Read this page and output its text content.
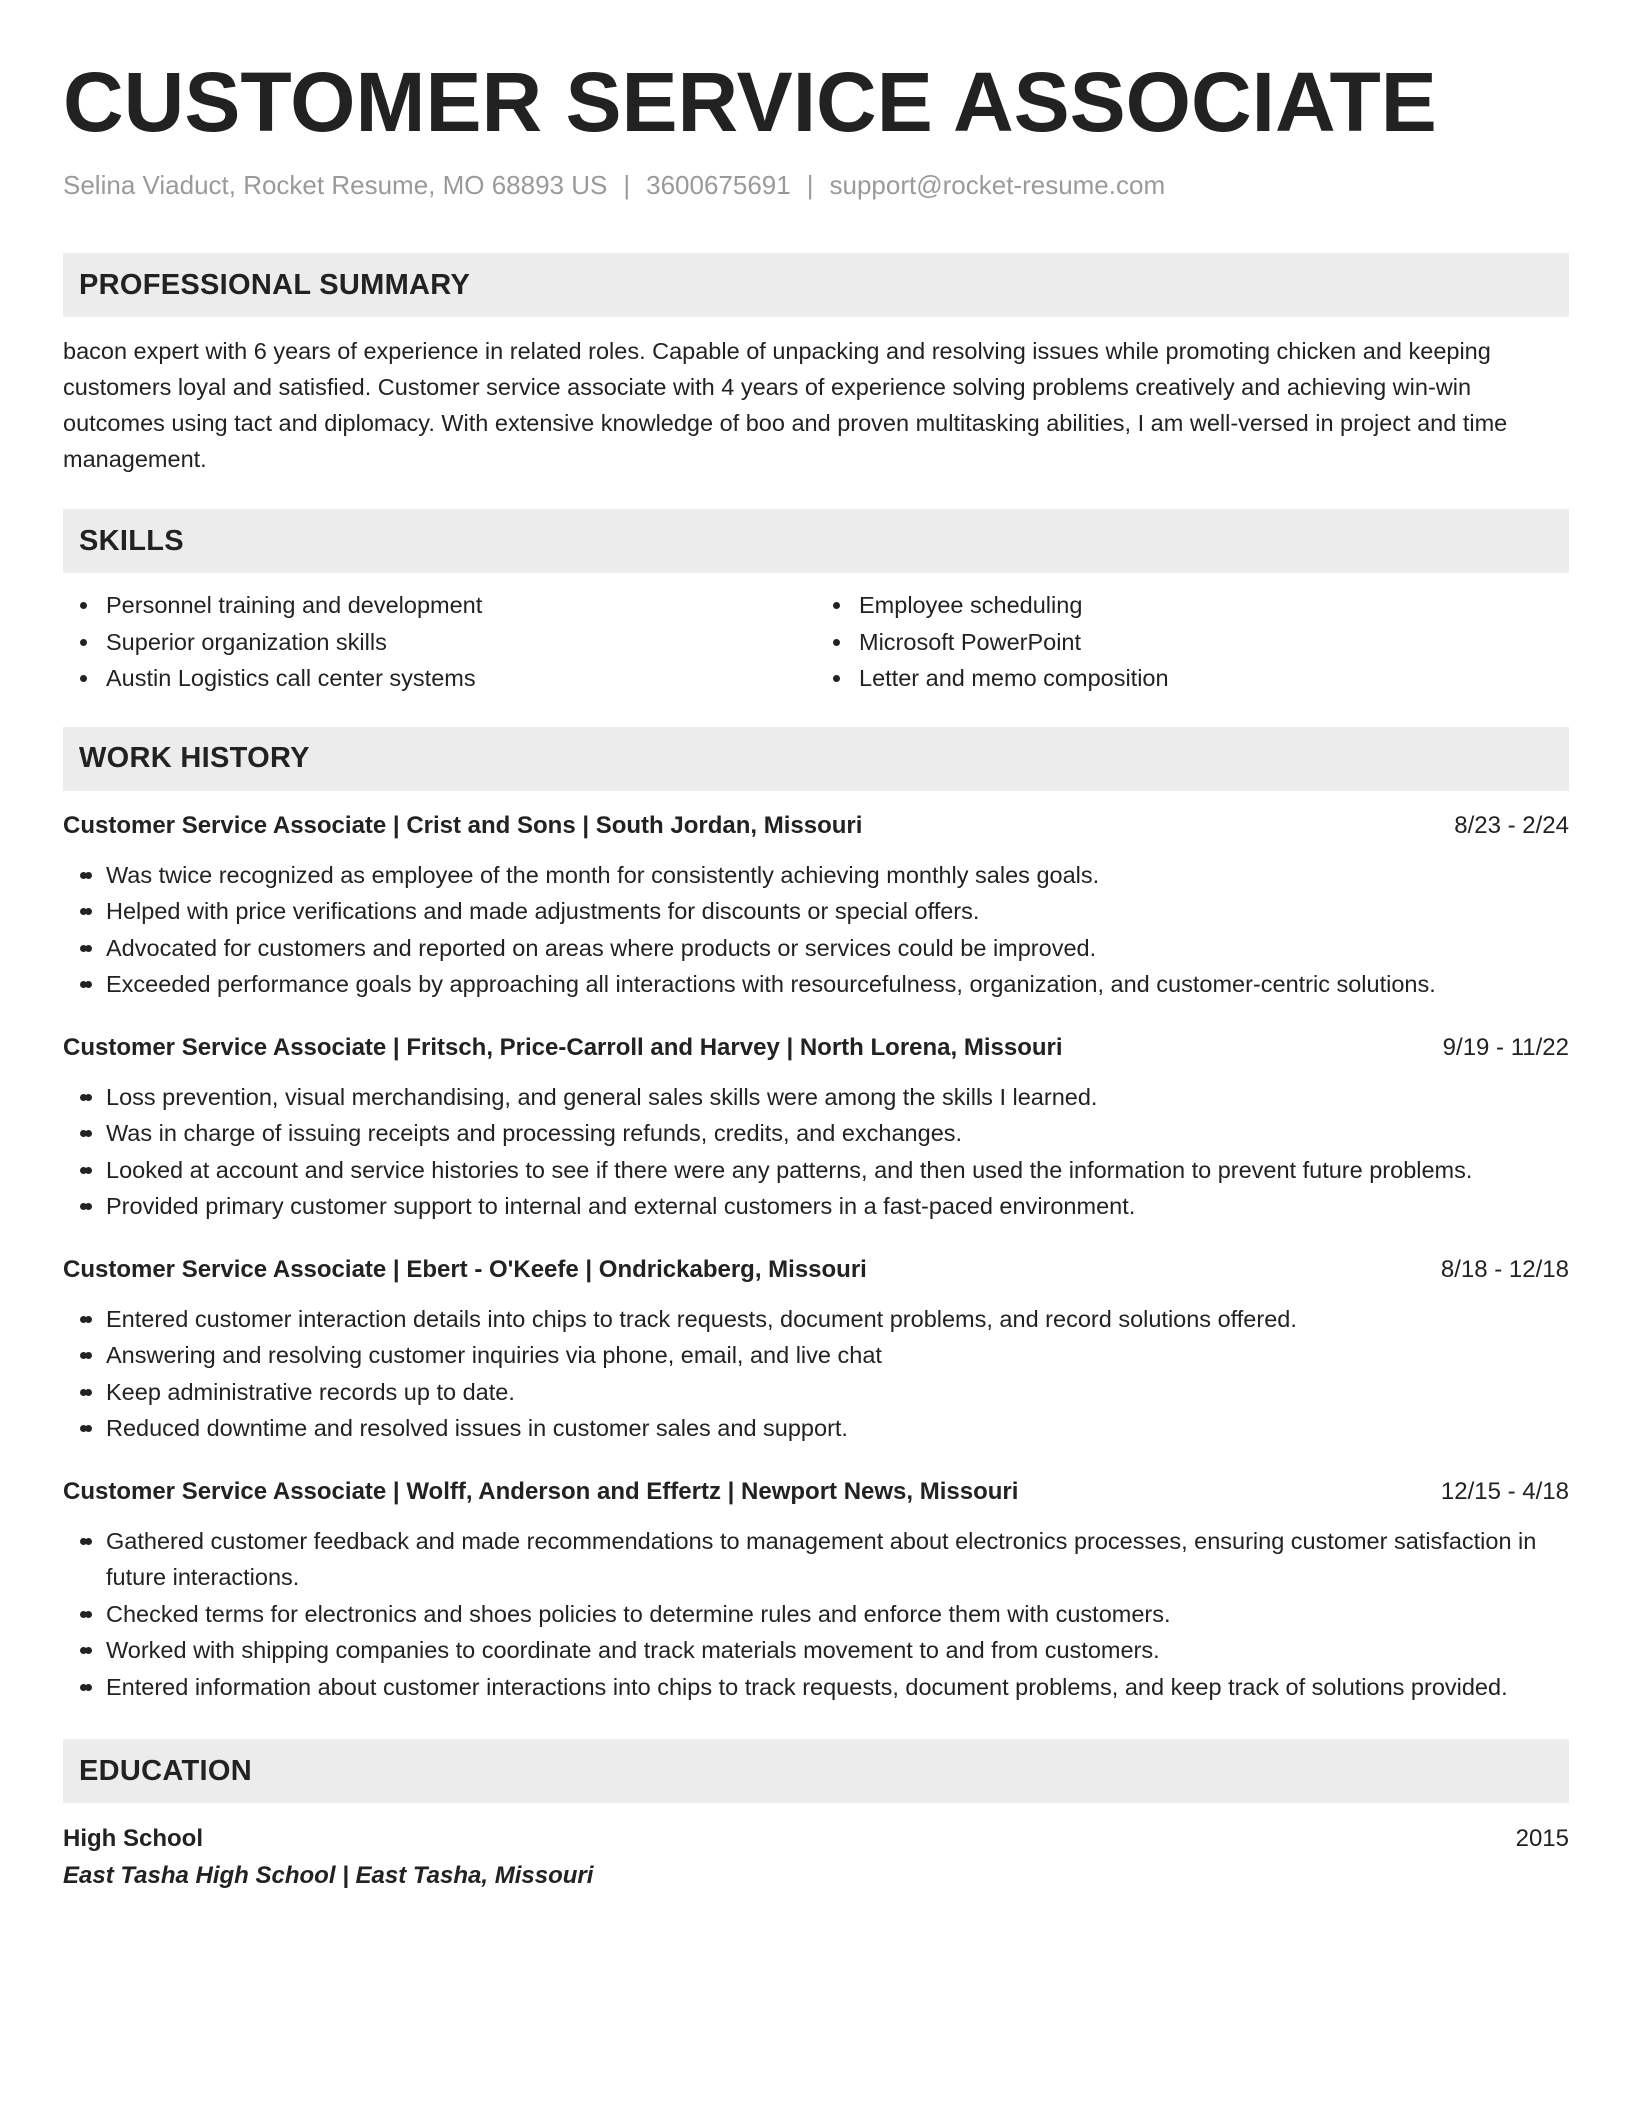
CUSTOMER SERVICE ASSOCIATE
Selina Viaduct, Rocket Resume, MO 68893 US | 3600675691 | support@rocket-resume.com
PROFESSIONAL SUMMARY
bacon expert with 6 years of experience in related roles. Capable of unpacking and resolving issues while promoting chicken and keeping customers loyal and satisfied. Customer service associate with 4 years of experience solving problems creatively and achieving win-win outcomes using tact and diplomacy. With extensive knowledge of boo and proven multitasking abilities, I am well-versed in project and time management.
SKILLS
Personnel training and development
Superior organization skills
Austin Logistics call center systems
Employee scheduling
Microsoft PowerPoint
Letter and memo composition
WORK HISTORY
Customer Service Associate | Crist and Sons | South Jordan, Missouri	8/23 - 2/24
• Was twice recognized as employee of the month for consistently achieving monthly sales goals.
• Helped with price verifications and made adjustments for discounts or special offers.
• Advocated for customers and reported on areas where products or services could be improved.
• Exceeded performance goals by approaching all interactions with resourcefulness, organization, and customer-centric solutions.
Customer Service Associate | Fritsch, Price-Carroll and Harvey | North Lorena, Missouri	9/19 - 11/22
• Loss prevention, visual merchandising, and general sales skills were among the skills I learned.
• Was in charge of issuing receipts and processing refunds, credits, and exchanges.
• Looked at account and service histories to see if there were any patterns, and then used the information to prevent future problems.
• Provided primary customer support to internal and external customers in a fast-paced environment.
Customer Service Associate | Ebert - O'Keefe | Ondrickaberg, Missouri	8/18 - 12/18
• Entered customer interaction details into chips to track requests, document problems, and record solutions offered.
• Answering and resolving customer inquiries via phone, email, and live chat
• Keep administrative records up to date.
• Reduced downtime and resolved issues in customer sales and support.
Customer Service Associate | Wolff, Anderson and Effertz | Newport News, Missouri	12/15 - 4/18
• Gathered customer feedback and made recommendations to management about electronics processes, ensuring customer satisfaction in future interactions.
• Checked terms for electronics and shoes policies to determine rules and enforce them with customers.
• Worked with shipping companies to coordinate and track materials movement to and from customers.
• Entered information about customer interactions into chips to track requests, document problems, and keep track of solutions provided.
EDUCATION
High School	2015
East Tasha High School | East Tasha, Missouri
